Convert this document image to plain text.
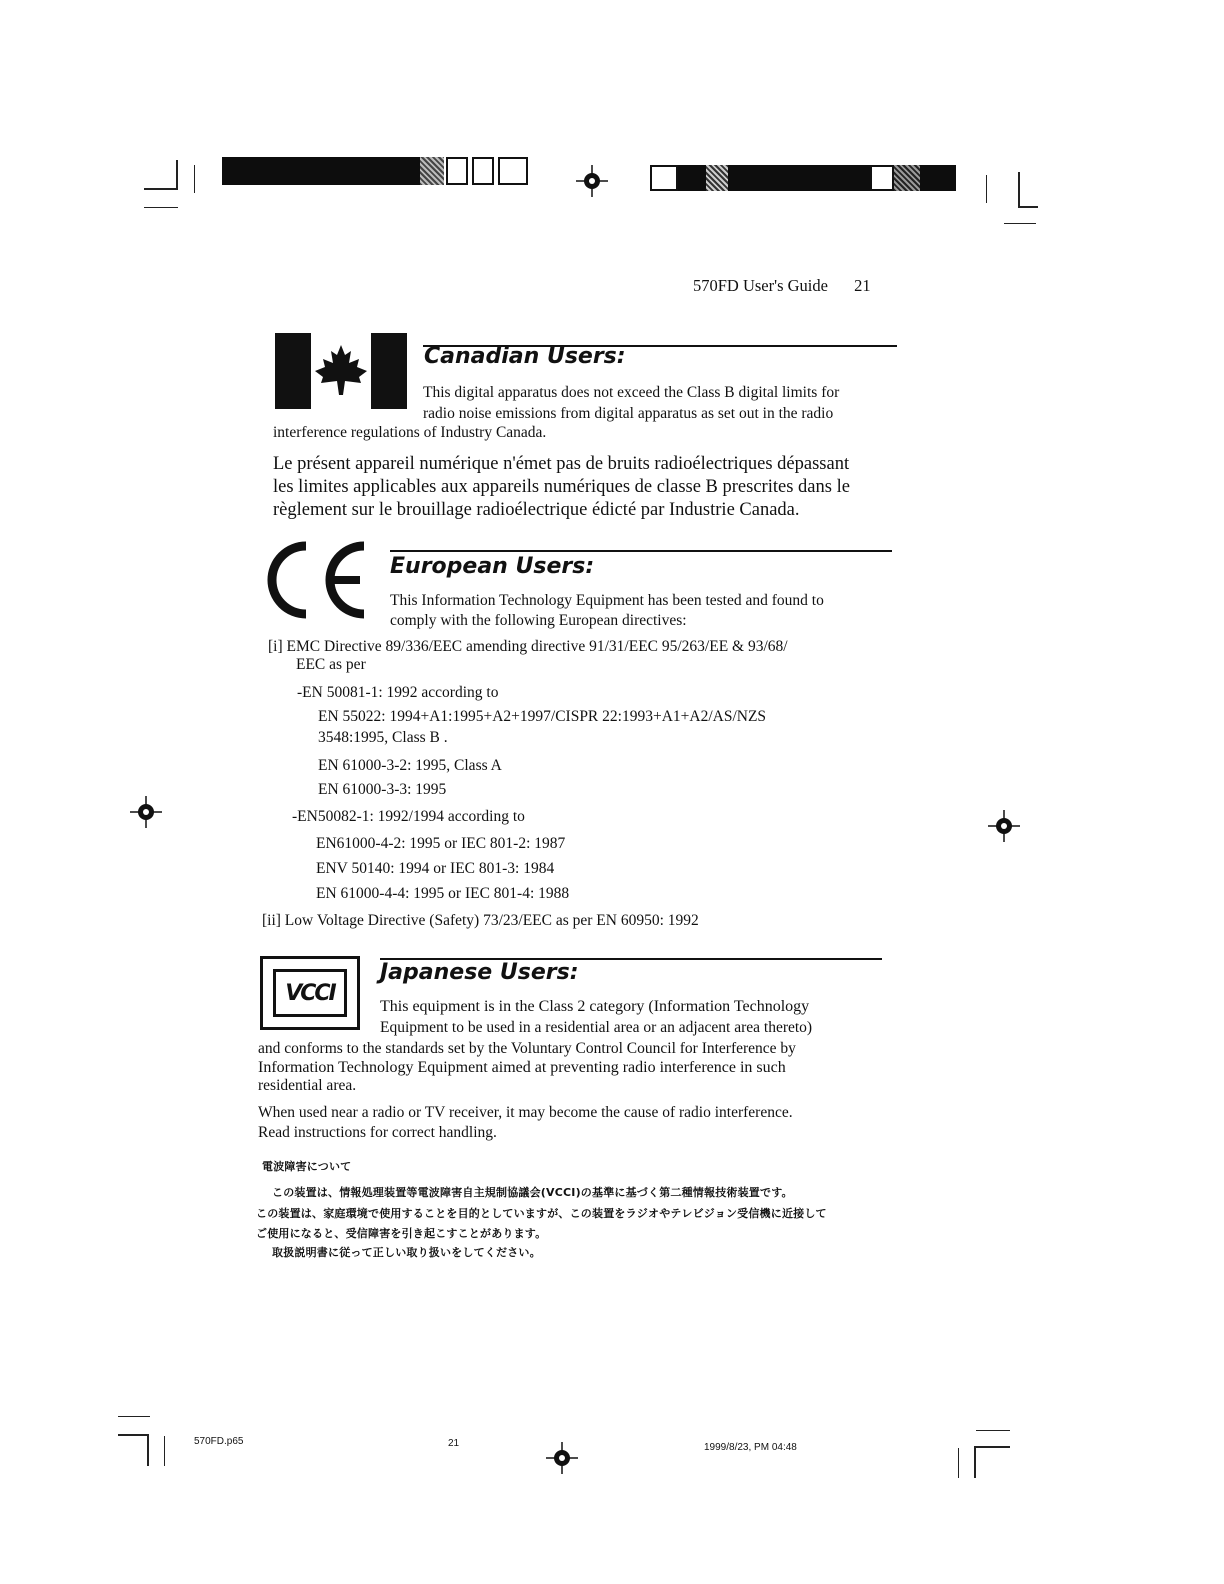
570FD User's Guide 21
Canadian Users:
This digital apparatus does not exceed the Class B digital limits for
radio noise emissions from digital apparatus as set out in the radio
interference regulations of Industry Canada.
Le présent appareil numérique n'émet pas de bruits radioélectriques dépassant
les limites applicables aux appareils numériques de classe B prescrites dans le
règlement sur le brouillage radioélectrique édicté par Industrie Canada.
European Users:
This Information Technology Equipment has been tested and found to
comply with the following European directives:
[i] EMC Directive 89/336/EEC amending directive 91/31/EEC 95/263/EE & 93/68/
EEC as per
-EN 50081-1: 1992 according to
EN 55022: 1994+A1:1995+A2+1997/CISPR 22:1993+A1+A2/AS/NZS
3548:1995, Class B .
EN 61000-3-2: 1995, Class A
EN 61000-3-3: 1995
-EN50082-1: 1992/1994 according to
EN61000-4-2: 1995 or IEC 801-2: 1987
ENV 50140: 1994 or IEC 801-3: 1984
EN 61000-4-4: 1995 or IEC 801-4: 1988
[ii] Low Voltage Directive (Safety) 73/23/EEC as per EN 60950: 1992
VCCI
Japanese Users:
This equipment is in the Class 2 category (Information Technology
Equipment to be used in a residential area or an adjacent area thereto)
and conforms to the standards set by the Voluntary Control Council for Interference by
Information Technology Equipment aimed at preventing radio interference in such
residential area.
When used near a radio or TV receiver, it may become the cause of radio interference.
Read instructions for correct handling.
電波障害について
この装置は、情報処理装置等電波障害自主規制協議会(VCCI)の基準に基づく第二種情報技術装置です。
この装置は、家庭環境で使用することを目的としていますが、この装置をラジオやテレビジョン受信機に近接して
ご使用になると、受信障害を引き起こすことがあります。
取扱説明書に従って正しい取り扱いをしてください。
570FD.p65	21	1999/8/23, PM 04:48
